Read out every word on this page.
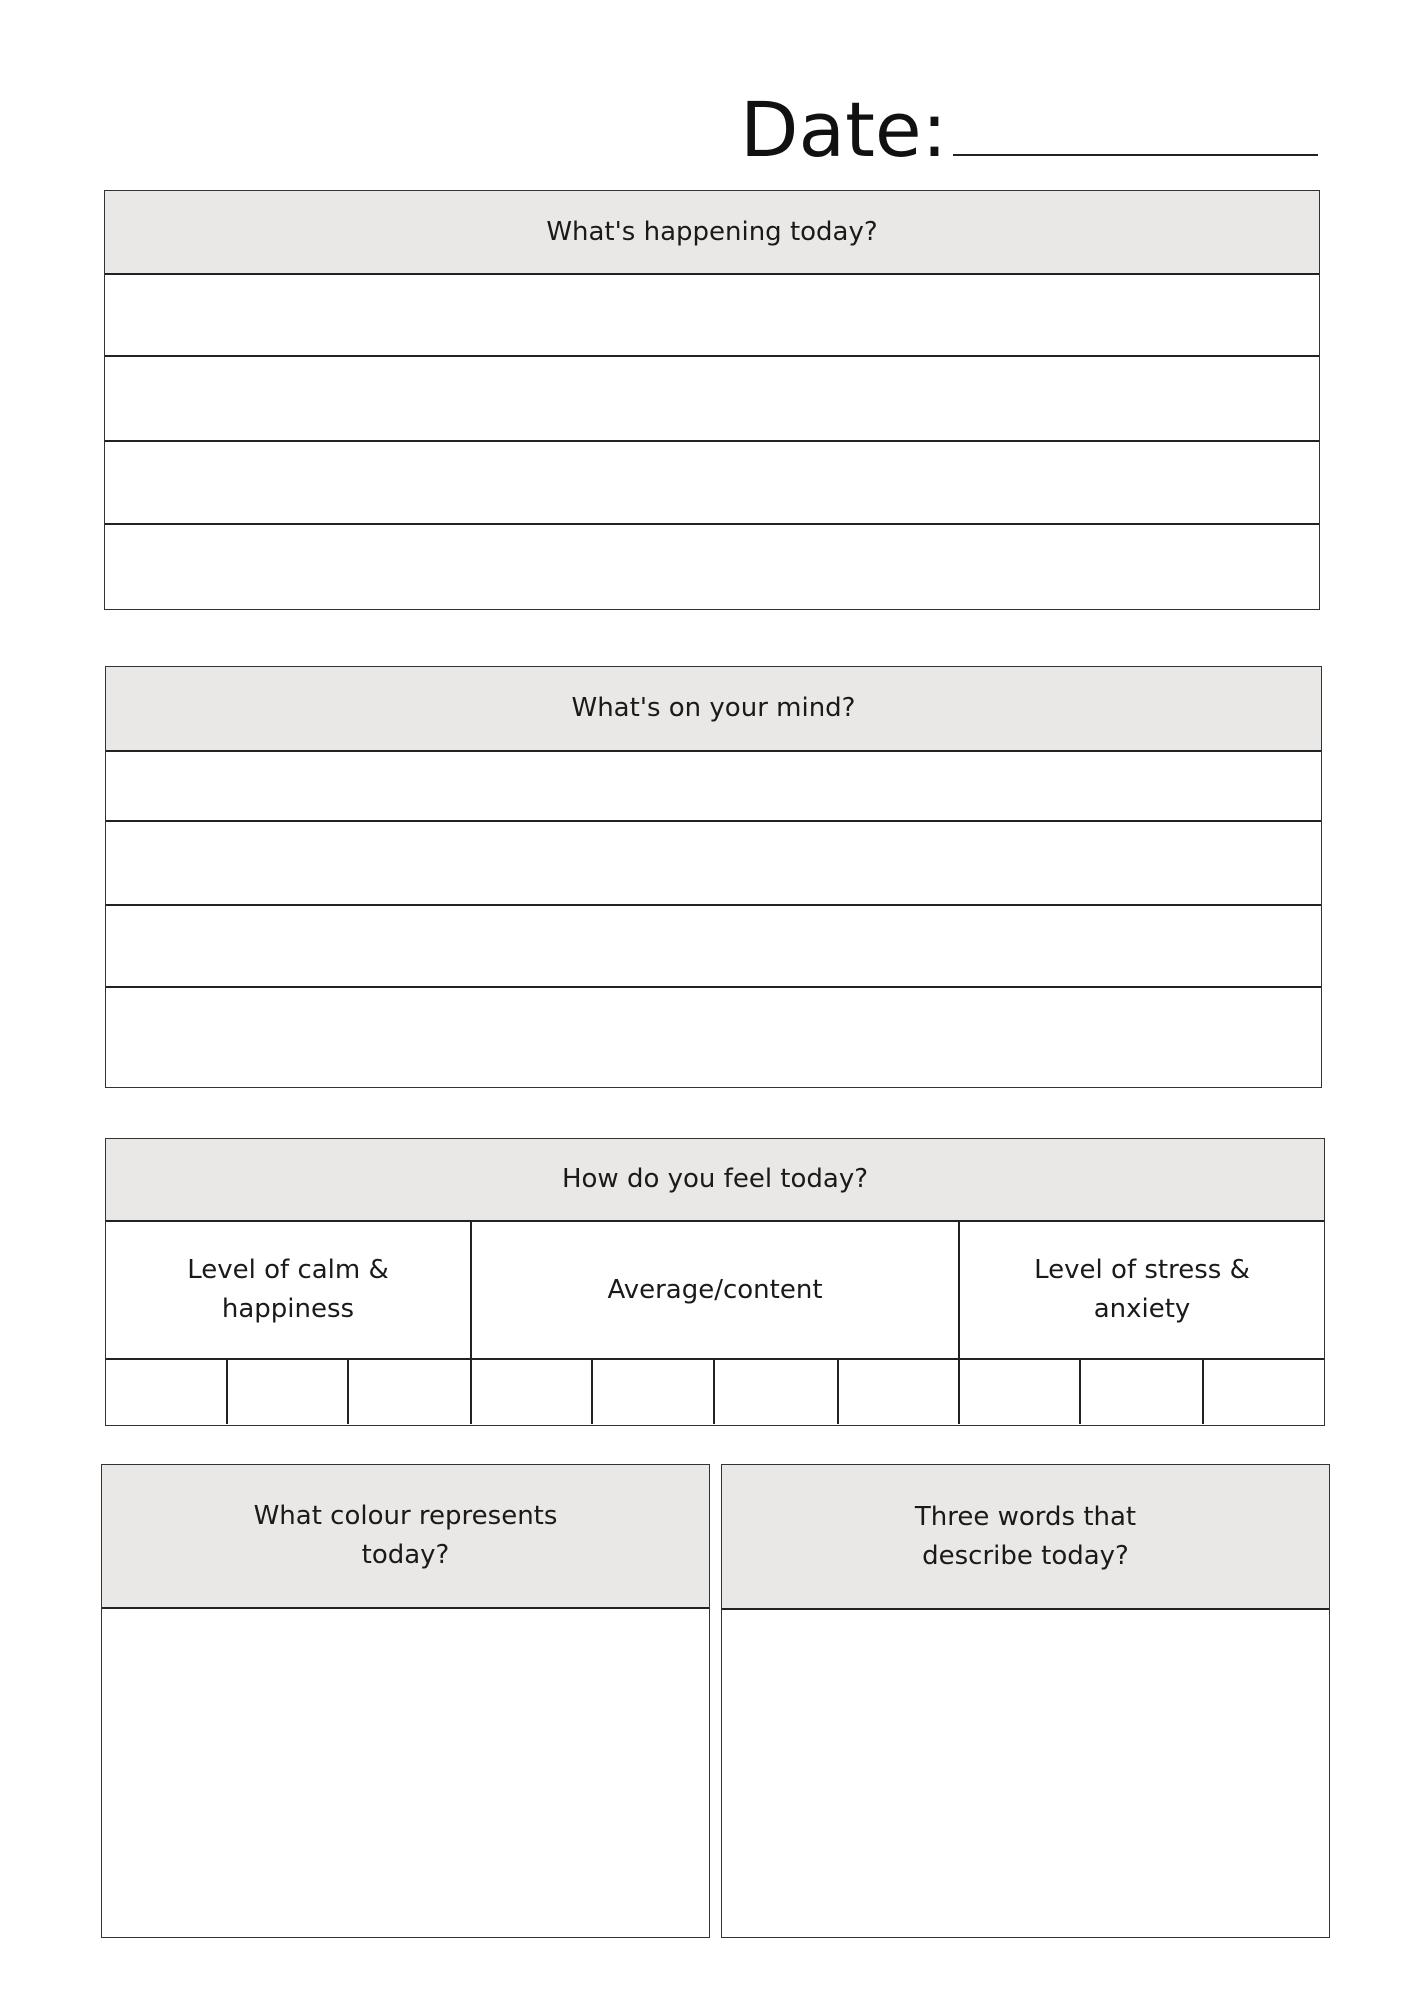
Date:
What's happening today?
What's on your mind?
How do you feel today?
Level of calm &
happiness
Average/content
Level of stress &
anxiety
What colour represents
today?
Three words that
describe today?
